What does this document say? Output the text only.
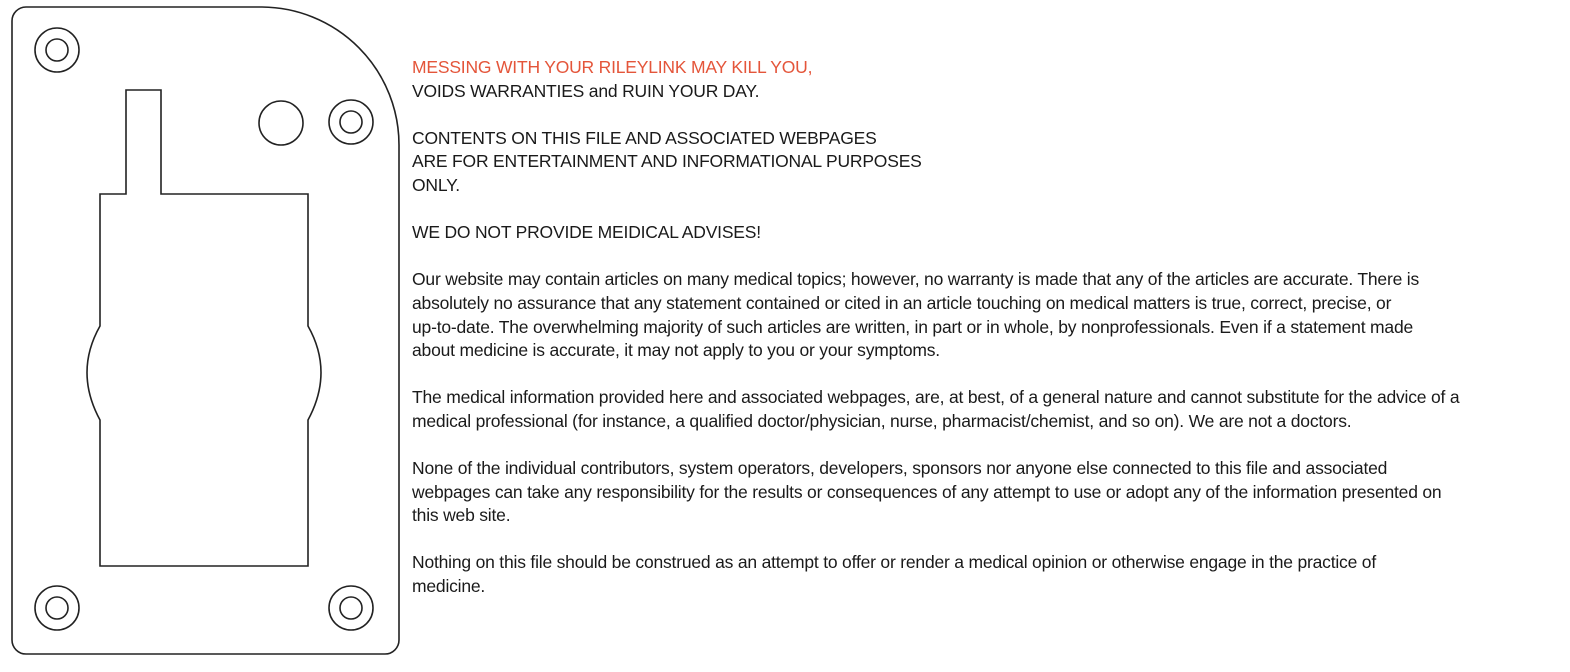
MESSING WITH YOUR RILEYLINK MAY KILL YOU,
VOIDS WARRANTIES and RUIN YOUR DAY.

CONTENTS ON THIS FILE AND ASSOCIATED WEBPAGES
ARE FOR ENTERTAINMENT AND INFORMATIONAL PURPOSES
ONLY.

WE DO NOT PROVIDE MEIDICAL ADVISES!

Our website may contain articles on many medical topics; however, no warranty is made that any of the articles are accurate. There is
absolutely no assurance that any statement contained or cited in an article touching on medical matters is true, correct, precise, or
up-to-date. The overwhelming majority of such articles are written, in part or in whole, by nonprofessionals. Even if a statement made
about medicine is accurate, it may not apply to you or your symptoms.

The medical information provided here and associated webpages, are, at best, of a general nature and cannot substitute for the advice of a
medical professional (for instance, a qualified doctor/physician, nurse, pharmacist/chemist, and so on). We are not a doctors.

None of the individual contributors, system operators, developers, sponsors nor anyone else connected to this file and associated
webpages can take any responsibility for the results or consequences of any attempt to use or adopt any of the information presented on
this web site.

Nothing on this file should be construed as an attempt to offer or render a medical opinion or otherwise engage in the practice of
medicine.
